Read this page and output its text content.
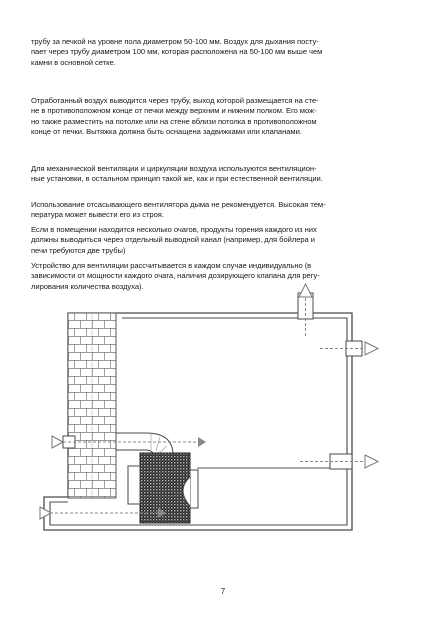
трубу за печкой на уровне пола диаметром 50-100 мм. Воздух для дыхания посту-
пает через трубу диаметром 100 мм, которая расположена на 50-100 мм выше чем
камни в основной сетке.

Отработанный воздух выводится через трубу, выход которой размещается на сте-
не в противоположном конце от печки между верхним и нижним полком. Его мож-
но также разместить на потолке или на стене вблизи потолка в противоположном
конце от печки. Вытяжка должна быть оснащена задвижками или клапанами.

Для механической вентиляции и циркуляции воздуха используются вентиляцион-
ные установки, в остальном принцип такой же, как и при естественной вентиляции.

Использование отсасывающего вентилятора дыма не рекомендуется. Высокая тем-
пература может вывести его из строя.

Если в помещении находится несколько очагов, продукты горения каждого из них
должны выводиться через отдельный выводной канал (например, для бойлера и
печи требуются две трубы)

Устройство для вентиляции рассчитывается в каждом случае индивидуально (в
зависимости от мощности каждого очага, наличия дозирующего клапана для регу-
лирования количества воздуха).

7
